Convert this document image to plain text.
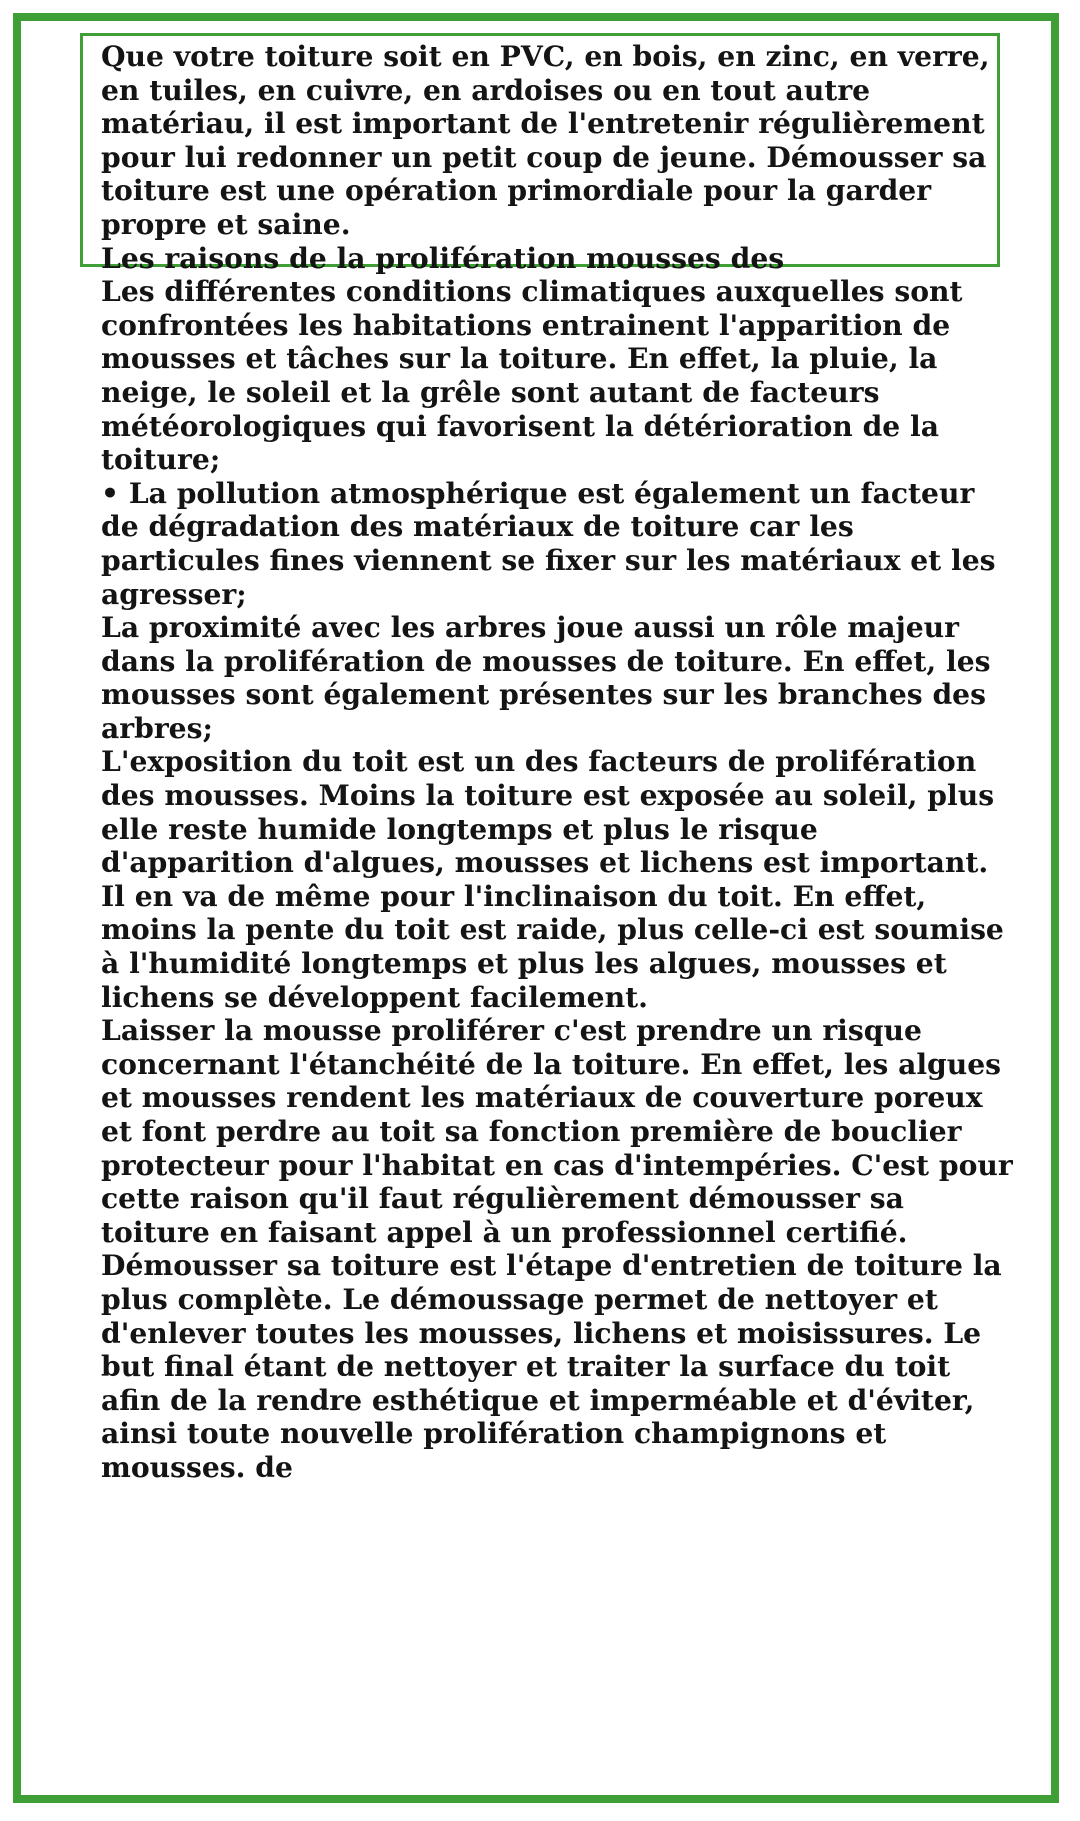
Que votre toiture soit en PVC, en bois, en zinc, en verre, en tuiles, en cuivre, en ardoises ou en tout autre matériau, il est important de l'entretenir régulièrement pour lui redonner un petit coup de jeune. Démousser sa toiture est une opération primordiale pour la garder propre et saine.

Les raisons de la prolifération mousses des

Les différentes conditions climatiques auxquelles sont confrontées les habitations entrainent l'apparition de mousses et tâches sur la toiture. En effet, la pluie, la neige, le soleil et la grêle sont autant de facteurs météorologiques qui favorisent la détérioration de la toiture;

• La pollution atmosphérique est également un facteur de dégradation des matériaux de toiture car les particules fines viennent se fixer sur les matériaux et les agresser;

La proximité avec les arbres joue aussi un rôle majeur dans la prolifération de mousses de toiture. En effet, les mousses sont également présentes sur les branches des arbres;

L'exposition du toit est un des facteurs de prolifération des mousses. Moins la toiture est exposée au soleil, plus elle reste humide longtemps et plus le risque d'apparition d'algues, mousses et lichens est important. Il en va de même pour l'inclinaison du toit. En effet, moins la pente du toit est raide, plus celle-ci est soumise à l'humidité longtemps et plus les algues, mousses et lichens se développent facilement.

Laisser la mousse proliférer c'est prendre un risque concernant l'étanchéité de la toiture. En effet, les algues et mousses rendent les matériaux de couverture poreux et font perdre au toit sa fonction première de bouclier protecteur pour l'habitat en cas d'intempéries. C'est pour cette raison qu'il faut régulièrement démousser sa toiture en faisant appel à un professionnel certifié.

Démousser sa toiture est l'étape d'entretien de toiture la plus complète. Le démoussage permet de nettoyer et d'enlever toutes les mousses, lichens et moisissures. Le but final étant de nettoyer et traiter la surface du toit afin de la rendre esthétique et imperméable et d'éviter, ainsi toute nouvelle prolifération champignons et mousses. de
